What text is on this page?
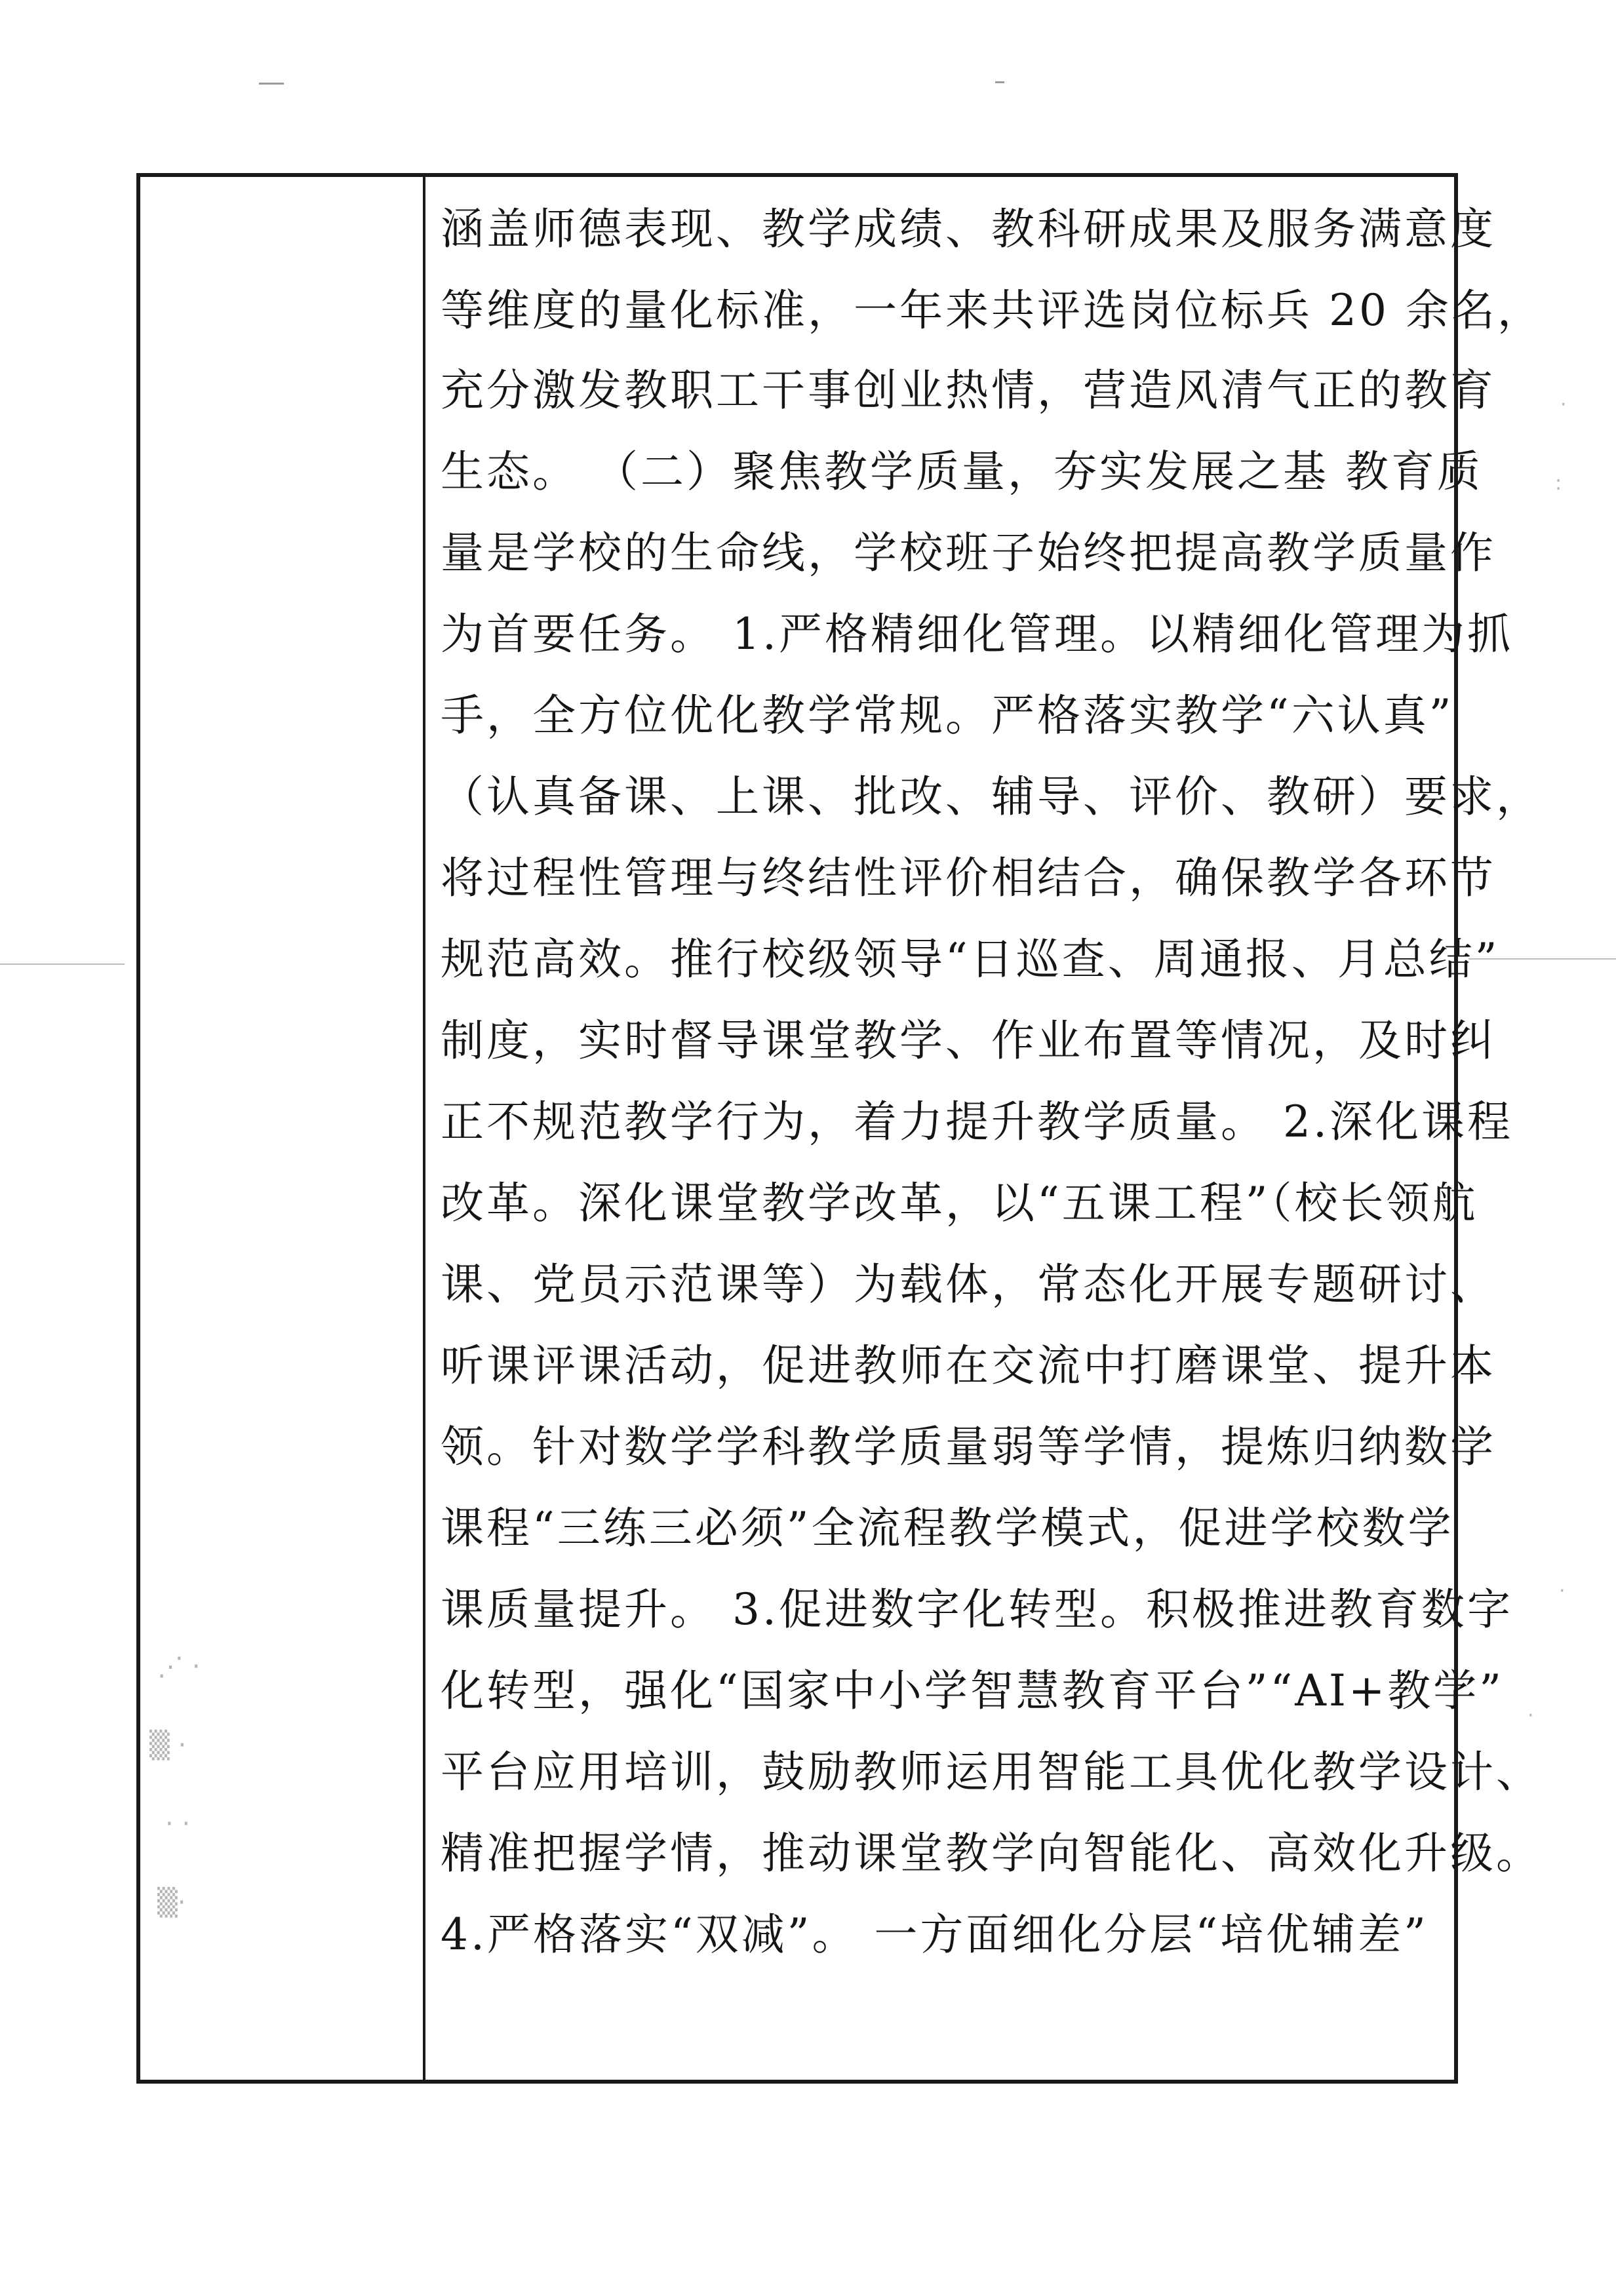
⋰ ·
▒ ·
· ·
▒·
·
:
·
·
涵盖师德表现、教学成绩、教科研成果及服务满意度
等维度的量化标准，一年来共评选岗位标兵 20 余名，
充分激发教职工干事创业热情，营造风清气正的教育
生态。 （二）聚焦教学质量，夯实发展之基 教育质
量是学校的生命线，学校班子始终把提高教学质量作
为首要任务。 1.严格精细化管理。以精细化管理为抓
手，全方位优化教学常规。严格落实教学“六认真”
（认真备课、上课、批改、辅导、评价、教研）要求，
将过程性管理与终结性评价相结合，确保教学各环节
规范高效。推行校级领导“日巡查、周通报、月总结”
制度，实时督导课堂教学、作业布置等情况，及时纠
正不规范教学行为，着力提升教学质量。 2.深化课程
改革。深化课堂教学改革，以“五课工程”（校长领航
课、党员示范课等）为载体，常态化开展专题研讨、
听课评课活动，促进教师在交流中打磨课堂、提升本
领。针对数学学科教学质量弱等学情，提炼归纳数学
课程“三练三必须”全流程教学模式，促进学校数学
课质量提升。 3.促进数字化转型。积极推进教育数字
化转型，强化“国家中小学智慧教育平台”“AI+教学”
平台应用培训，鼓励教师运用智能工具优化教学设计、
精准把握学情，推动课堂教学向智能化、高效化升级。
4.严格落实“双减”。 一方面细化分层“培优辅差”
